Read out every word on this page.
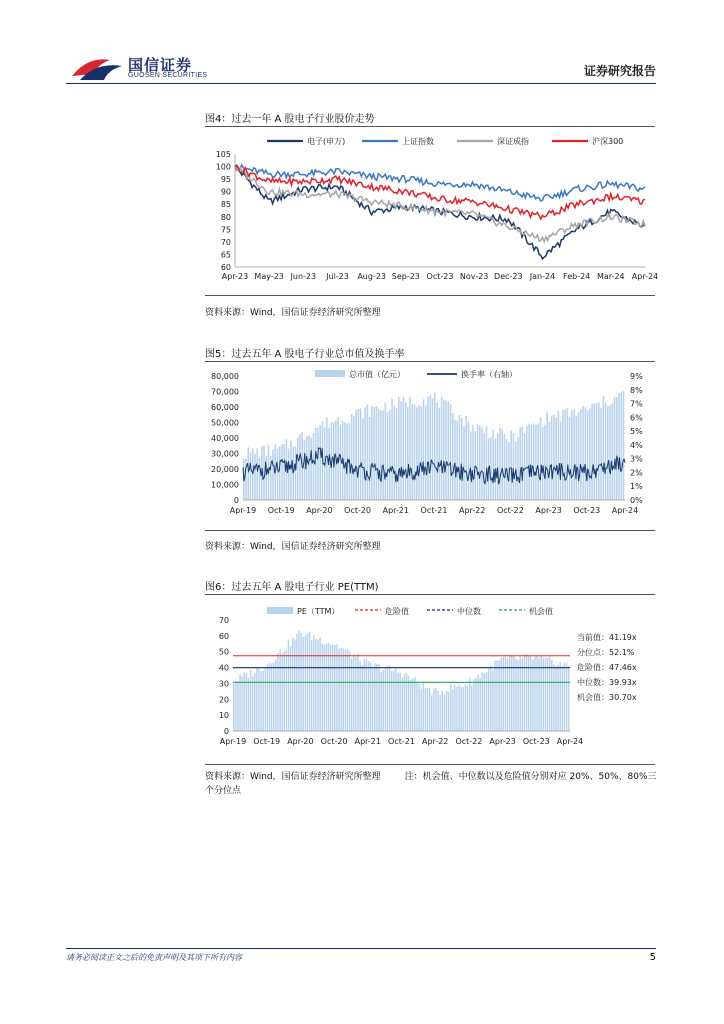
国信证券
GUOSEN SECURITIES	证券研究报告
图4：过去一年 A 股电子行业股价走势
60
65
70
75
80
85
90
95
100
105
Apr-23 May-23 Jun-23 Jul-23 Aug-23 Sep-23 Oct-23 Nov-23 Dec-23 Jan-24 Feb-24 Mar-24 Apr-24
电子(申万)	上证指数	深证成指	沪深300
资料来源：Wind，国信证券经济研究所整理
图5：过去五年 A 股电子行业总市值及换手率
0
10,000
20,000
30,000
40,000
50,000
60,000
70,000
80,000
0%
1%
2%
3%
4%
5%
6%
7%
8%
9%
Apr-19 Oct-19 Apr-20 Oct-20 Apr-21 Oct-21 Apr-22 Oct-22 Apr-23 Oct-23 Apr-24
总市值（亿元）	换手率（右轴）
资料来源：Wind，国信证券经济研究所整理
图6：过去五年 A 股电子行业 PE(TTM)
0
10
20
30
40
50
60
70
Apr-19 Oct-19 Apr-20 Oct-20 Apr-21 Oct-21 Apr-22 Oct-22 Apr-23 Oct-23 Apr-24
PE（TTM）	危险值	中位数	机会值
当前值：41.19x
分位点：52.1%
危险值：47.46x
中位数：39.93x
机会值：30.70x
资料来源：Wind，国信证券经济研究所整理	注：机会值、中位数以及危险值分别对应 20%、50%、80%三个分位点
请务必阅读正文之后的免责声明及其项下所有内容	5
